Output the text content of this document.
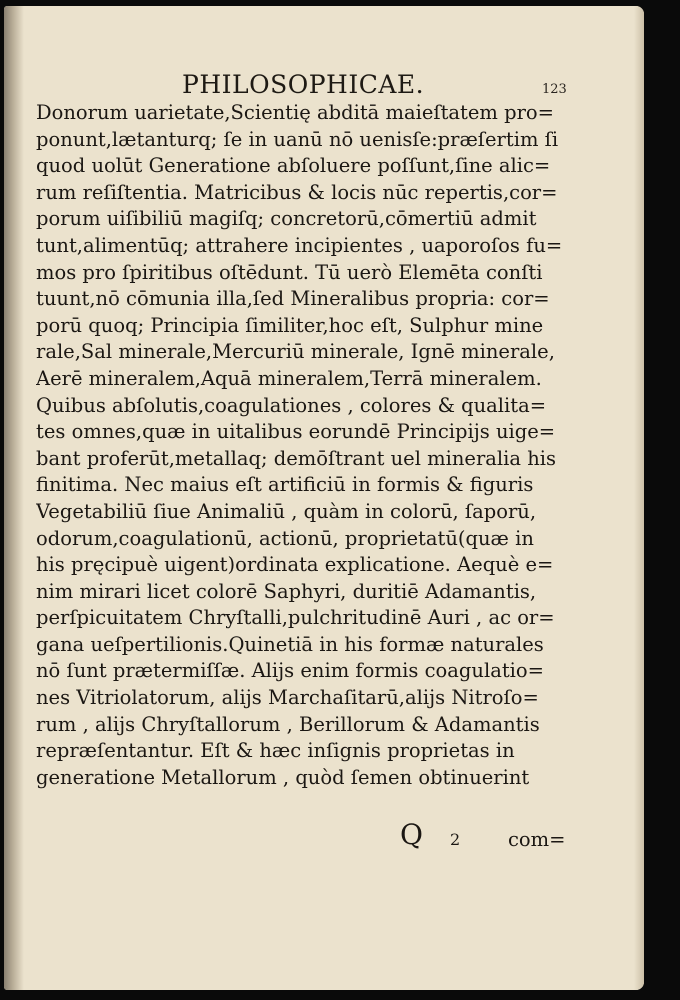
PHILOSOPHICAE.	123
Donorum uarietate,Scientię abditā maieſtatem pro=
ponunt,lætanturq; ſe in uanū nō uenisſe:præſertim ſi
quod uolūt Generatione abſoluere poſſunt,ſine alic=
rum reſiſtentia. Matricibus & locis nūc repertis,cor=
porum uiſibiliū magiſq; concretorū,cōmertiū admit
tunt,alimentūq; attrahere incipientes , uaporoſos fu=
mos pro ſpiritibus oſtēdunt. Tū uerò Elemēta conſti
tuunt,nō cōmunia illa,ſed Mineralibus propria: cor=
porū quoq; Principia ſimiliter,hoc eſt, Sulphur mine
rale,Sal minerale,Mercuriū minerale, Ignē minerale,
Aerē mineralem,Aquā mineralem,Terrā mineralem.
Quibus abſolutis,coagulationes , colores & qualita=
tes omnes,quæ in uitalibus eorundē Principijs uige=
bant proferūt,metallaq; demōſtrant uel mineralia his
finitima. Nec maius eſt artificiū in formis & figuris
Vegetabiliū ſiue Animaliū , quàm in colorū, ſaporū,
odorum,coagulationū, actionū, proprietatū(quæ in
his pręcipuè uigent)ordinata explicatione. Aequè e=
nim mirari licet colorē Saphyri, duritiē Adamantis,
perſpicuitatem Chryſtalli,pulchritudinē Auri , ac or=
gana ueſpertilionis.Quinetiā in his formæ naturales
nō ſunt prætermiſſæ. Alijs enim formis coagulatio=
nes Vitriolatorum, alijs Marchaſitarū,alijs Nitroſo=
rum , alijs Chryſtallorum , Berillorum & Adamantis
repræſentantur. Eſt & hæc inſignis proprietas in
generatione Metallorum , quòd ſemen obtinuerint
Q 2 com=
